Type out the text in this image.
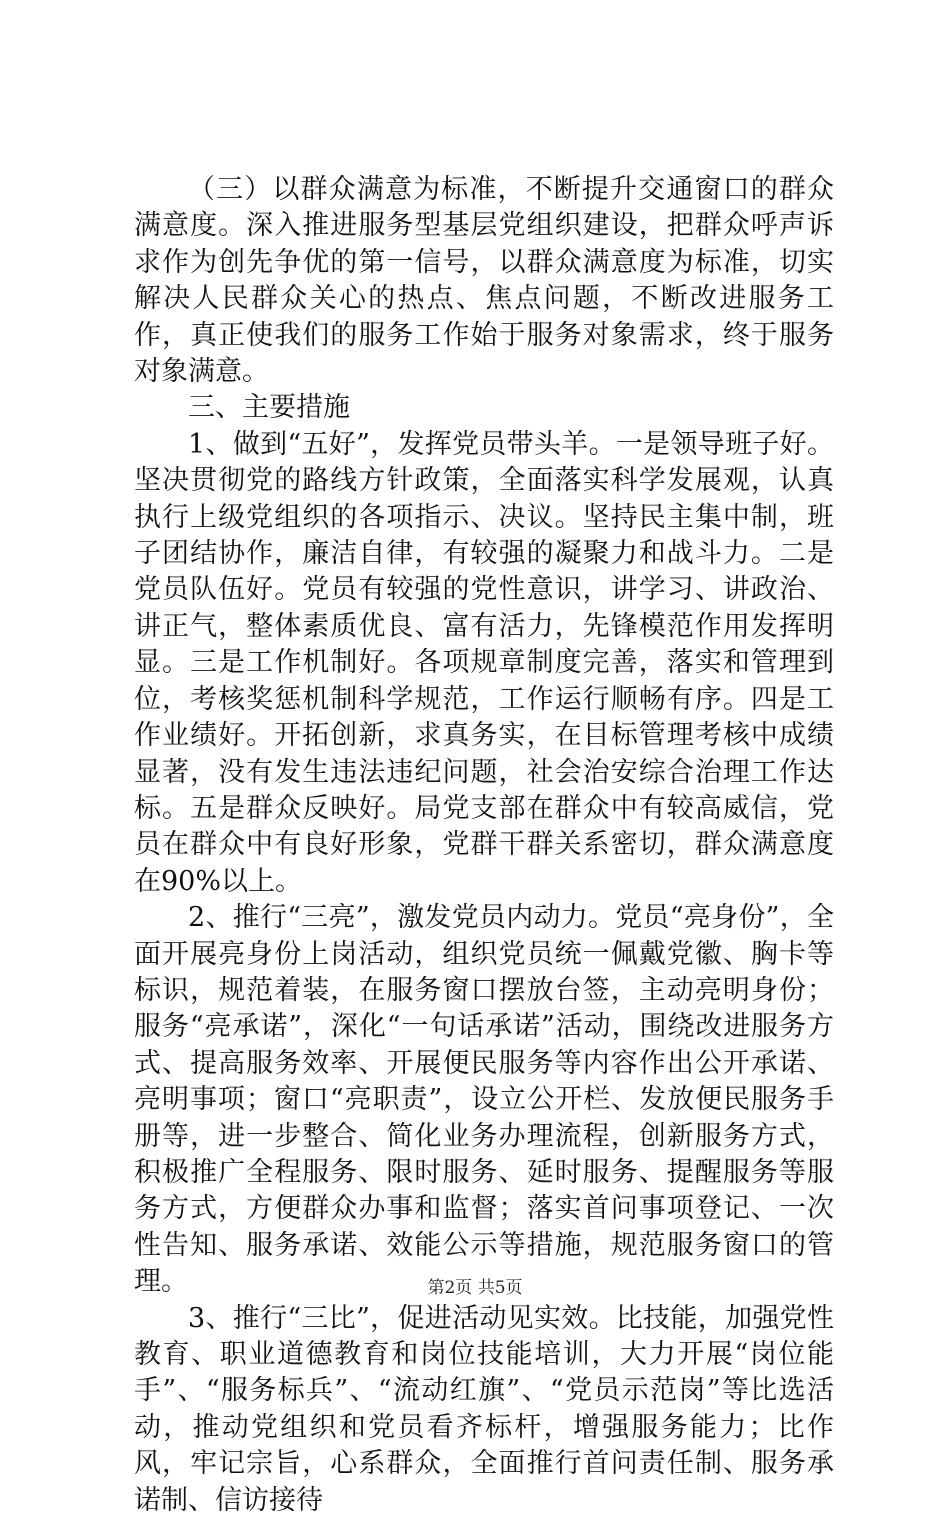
（三）以群众满意为标准，不断提升交通窗口的群众满意度。深入推进服务型基层党组织建设，把群众呼声诉求作为创先争优的第一信号，以群众满意度为标准，切实解决人民群众关心的热点、焦点问题，不断改进服务工作，真正使我们的服务工作始于服务对象需求，终于服务对象满意。

三、主要措施

1、做到“五好”，发挥党员带头羊。一是领导班子好。坚决贯彻党的路线方针政策，全面落实科学发展观，认真执行上级党组织的各项指示、决议。坚持民主集中制，班子团结协作，廉洁自律，有较强的凝聚力和战斗力。二是党员队伍好。党员有较强的党性意识，讲学习、讲政治、讲正气，整体素质优良、富有活力，先锋模范作用发挥明显。三是工作机制好。各项规章制度完善，落实和管理到位，考核奖惩机制科学规范，工作运行顺畅有序。四是工作业绩好。开拓创新，求真务实，在目标管理考核中成绩显著，没有发生违法违纪问题，社会治安综合治理工作达标。五是群众反映好。局党支部在群众中有较高威信，党员在群众中有良好形象，党群干群关系密切，群众满意度在90%以上。

2、推行“三亮”，激发党员内动力。党员“亮身份”，全面开展亮身份上岗活动，组织党员统一佩戴党徽、胸卡等标识，规范着装，在服务窗口摆放台签，主动亮明身份；服务“亮承诺”，深化“一句话承诺”活动，围绕改进服务方式、提高服务效率、开展便民服务等内容作出公开承诺、亮明事项；窗口“亮职责”，设立公开栏、发放便民服务手册等，进一步整合、简化业务办理流程，创新服务方式，积极推广全程服务、限时服务、延时服务、提醒服务等服务方式，方便群众办事和监督；落实首问事项登记、一次性告知、服务承诺、效能公示等措施，规范服务窗口的管理。

3、推行“三比”，促进活动见实效。比技能，加强党性教育、职业道德教育和岗位技能培训，大力开展“岗位能手”、“服务标兵”、“流动红旗”、“党员示范岗”等比选活动，推动党组织和党员看齐标杆，增强服务能力；比作风，牢记宗旨，心系群众，全面推行首问责任制、服务承诺制、信访接待

第2页 共5页
